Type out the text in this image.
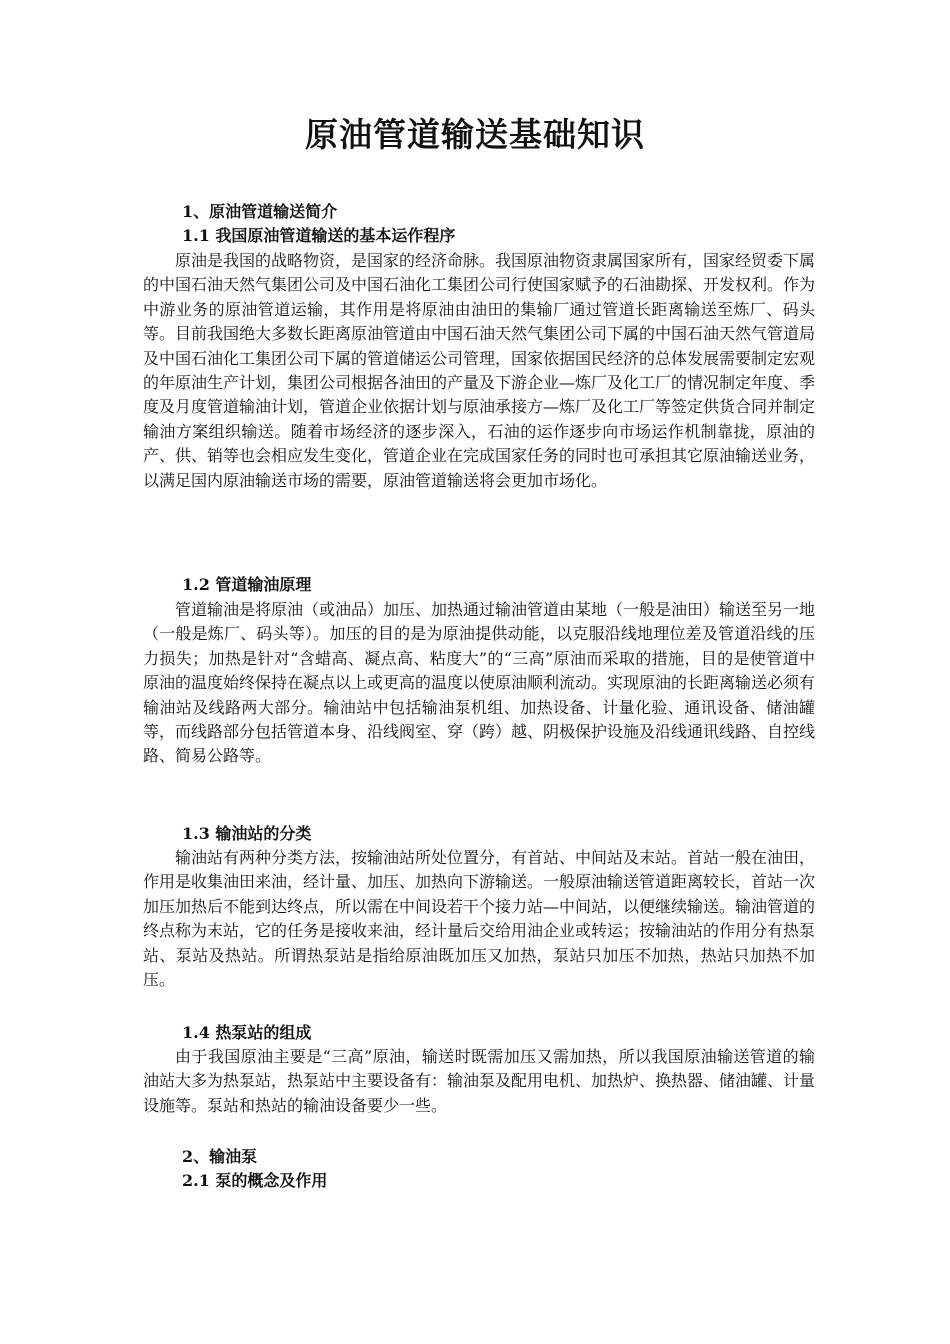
原油管道输送基础知识
1、原油管道输送简介
1.1 我国原油管道输送的基本运作程序
原油是我国的战略物资，是国家的经济命脉。我国原油物资隶属国家所有，国家经贸委下属的中国石油天然气集团公司及中国石油化工集团公司行使国家赋予的石油勘探、开发权利。作为中游业务的原油管道运输，其作用是将原油由油田的集输厂通过管道长距离输送至炼厂、码头等。目前我国绝大多数长距离原油管道由中国石油天然气集团公司下属的中国石油天然气管道局及中国石油化工集团公司下属的管道储运公司管理，国家依据国民经济的总体发展需要制定宏观的年原油生产计划，集团公司根据各油田的产量及下游企业—炼厂及化工厂的情况制定年度、季度及月度管道输油计划，管道企业依据计划与原油承接方—炼厂及化工厂等签定供货合同并制定输油方案组织输送。随着市场经济的逐步深入，石油的运作逐步向市场运作机制靠拢，原油的产、供、销等也会相应发生变化，管道企业在完成国家任务的同时也可承担其它原油输送业务，以满足国内原油输送市场的需要，原油管道输送将会更加市场化。
1.2 管道输油原理
管道输油是将原油（或油品）加压、加热通过输油管道由某地（一般是油田）输送至另一地（一般是炼厂、码头等）。加压的目的是为原油提供动能，以克服沿线地理位差及管道沿线的压力损失；加热是针对“含蜡高、凝点高、粘度大”的“三高”原油而采取的措施，目的是使管道中原油的温度始终保持在凝点以上或更高的温度以使原油顺利流动。实现原油的长距离输送必须有输油站及线路两大部分。输油站中包括输油泵机组、加热设备、计量化验、通讯设备、储油罐等，而线路部分包括管道本身、沿线阀室、穿（跨）越、阴极保护设施及沿线通讯线路、自控线路、简易公路等。
1.3 输油站的分类
输油站有两种分类方法，按输油站所处位置分，有首站、中间站及末站。首站一般在油田，作用是收集油田来油，经计量、加压、加热向下游输送。一般原油输送管道距离较长，首站一次加压加热后不能到达终点，所以需在中间设若干个接力站—中间站，以便继续输送。输油管道的终点称为末站，它的任务是接收来油，经计量后交给用油企业或转运；按输油站的作用分有热泵站、泵站及热站。所谓热泵站是指给原油既加压又加热，泵站只加压不加热，热站只加热不加压。
1.4 热泵站的组成
由于我国原油主要是“三高”原油，输送时既需加压又需加热，所以我国原油输送管道的输油站大多为热泵站，热泵站中主要设备有：输油泵及配用电机、加热炉、换热器、储油罐、计量设施等。泵站和热站的输油设备要少一些。
2、输油泵
2.1 泵的概念及作用
